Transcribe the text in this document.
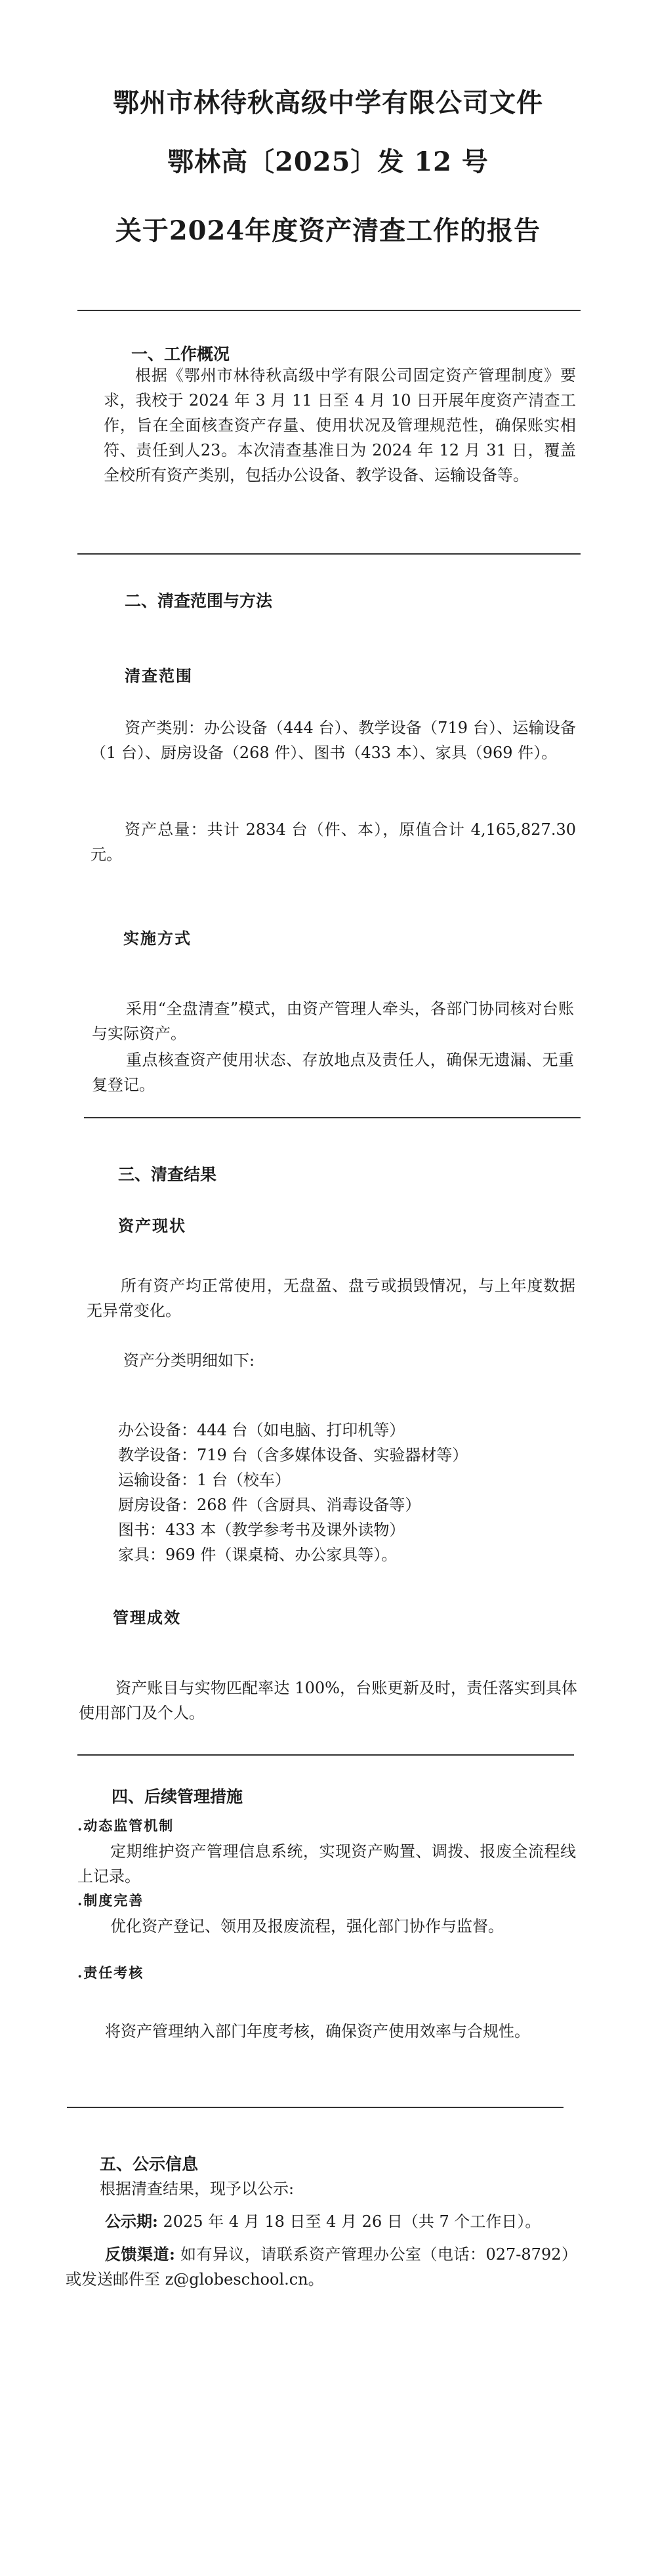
鄂州市林待秋高级中学有限公司文件
鄂林高〔2025〕发 12 号
关于2024年度资产清查工作的报告
一、工作概况
根据《鄂州市林待秋高级中学有限公司固定资产管理制度》要求，我校于 2024 年 3 月 11 日至 4 月 10 日开展年度资产清查工作，旨在全面核查资产存量、使用状况及管理规范性，确保账实相符、责任到人23。本次清查基准日为 2024 年 12 月 31 日，覆盖全校所有资产类别，包括办公设备、教学设备、运输设备等。
二、清查范围与方法
清查范围
资产类别：办公设备（444 台）、教学设备（719 台）、运输设备（1 台）、厨房设备（268 件）、图书（433 本）、家具（969 件）。
资产总量：共计 2834 台（件、本），原值合计 4,165,827.30 元。
实施方式
采用“全盘清查”模式，由资产管理人牵头，各部门协同核对台账与实际资产。
重点核查资产使用状态、存放地点及责任人，确保无遗漏、无重复登记。
三、清查结果
资产现状
所有资产均正常使用，无盘盈、盘亏或损毁情况，与上年度数据无异常变化。
资产分类明细如下:
办公设备：444 台（如电脑、打印机等）
教学设备：719 台（含多媒体设备、实验器材等）
运输设备：1 台（校车）
厨房设备：268 件（含厨具、消毒设备等）
图书：433 本（教学参考书及课外读物）
家具：969 件（课桌椅、办公家具等）。
管理成效
资产账目与实物匹配率达 100%，台账更新及时，责任落实到具体使用部门及个人。
四、后续管理措施
.动态监管机制
定期维护资产管理信息系统，实现资产购置、调拨、报废全流程线上记录。
.制度完善
优化资产登记、领用及报废流程，强化部门协作与监督。
.责任考核
将资产管理纳入部门年度考核，确保资产使用效率与合规性。
五、公示信息
根据清查结果，现予以公示:
公示期: 2025 年 4 月 18 日至 4 月 26 日（共 7 个工作日）。
反馈渠道: 如有异议，请联系资产管理办公室（电话：027-8792）或发送邮件至 z@globeschool.cn。
